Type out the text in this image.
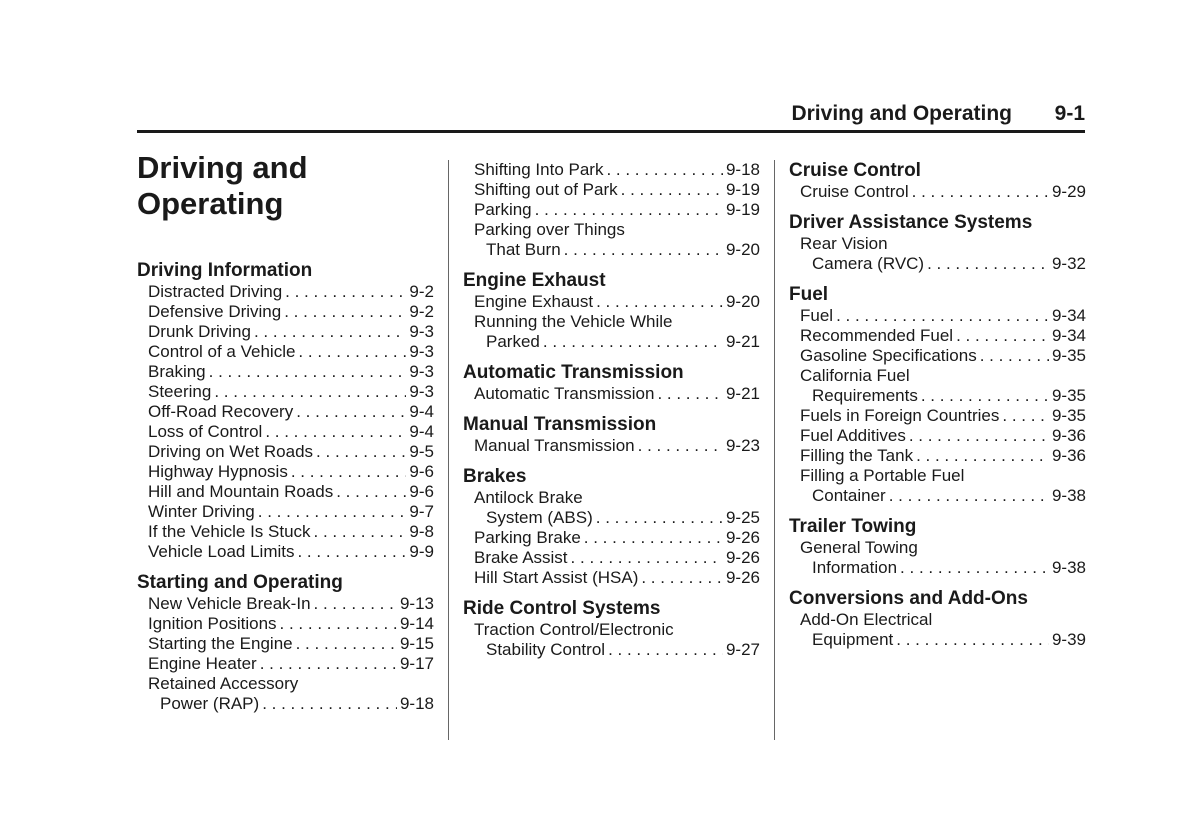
Driving and Operating 9-1
Driving and
Operating
Driving Information
Distracted Driving . . .	9-2
Defensive Driving . . .	9-2
Drunk Driving . . .	9-3
Control of a Vehicle . . .	9-3
Braking . . .	9-3
Steering . . .	9-3
Off-Road Recovery . . .	9-4
Loss of Control . . .	9-4
Driving on Wet Roads . . .	9-5
Highway Hypnosis . . .	9-6
Hill and Mountain Roads . . .	9-6
Winter Driving . . .	9-7
If the Vehicle Is Stuck . . .	9-8
Vehicle Load Limits . . .	9-9
Starting and Operating
New Vehicle Break-In . . .	9-13
Ignition Positions . . .	9-14
Starting the Engine . . .	9-15
Engine Heater . . .	9-17
Retained Accessory
Power (RAP) . . .	9-18
Shifting Into Park . . .	9-18
Shifting out of Park . . .	9-19
Parking . . .	9-19
Parking over Things
That Burn . . .	9-20
Engine Exhaust
Engine Exhaust . . .	9-20
Running the Vehicle While
Parked . . .	9-21
Automatic Transmission
Automatic Transmission . . .	9-21
Manual Transmission
Manual Transmission . . .	9-23
Brakes
Antilock Brake
System (ABS) . . .	9-25
Parking Brake . . .	9-26
Brake Assist . . .	9-26
Hill Start Assist (HSA) . . .	9-26
Ride Control Systems
Traction Control/Electronic
Stability Control . . .	9-27
Cruise Control
Cruise Control . . .	9-29
Driver Assistance Systems
Rear Vision
Camera (RVC) . . .	9-32
Fuel
Fuel . . .	9-34
Recommended Fuel . . .	9-34
Gasoline Specifications . . .	9-35
California Fuel
Requirements . . .	9-35
Fuels in Foreign Countries . . .	9-35
Fuel Additives . . .	9-36
Filling the Tank . . .	9-36
Filling a Portable Fuel
Container . . .	9-38
Trailer Towing
General Towing
Information . . .	9-38
Conversions and Add-Ons
Add-On Electrical
Equipment . . .	9-39
